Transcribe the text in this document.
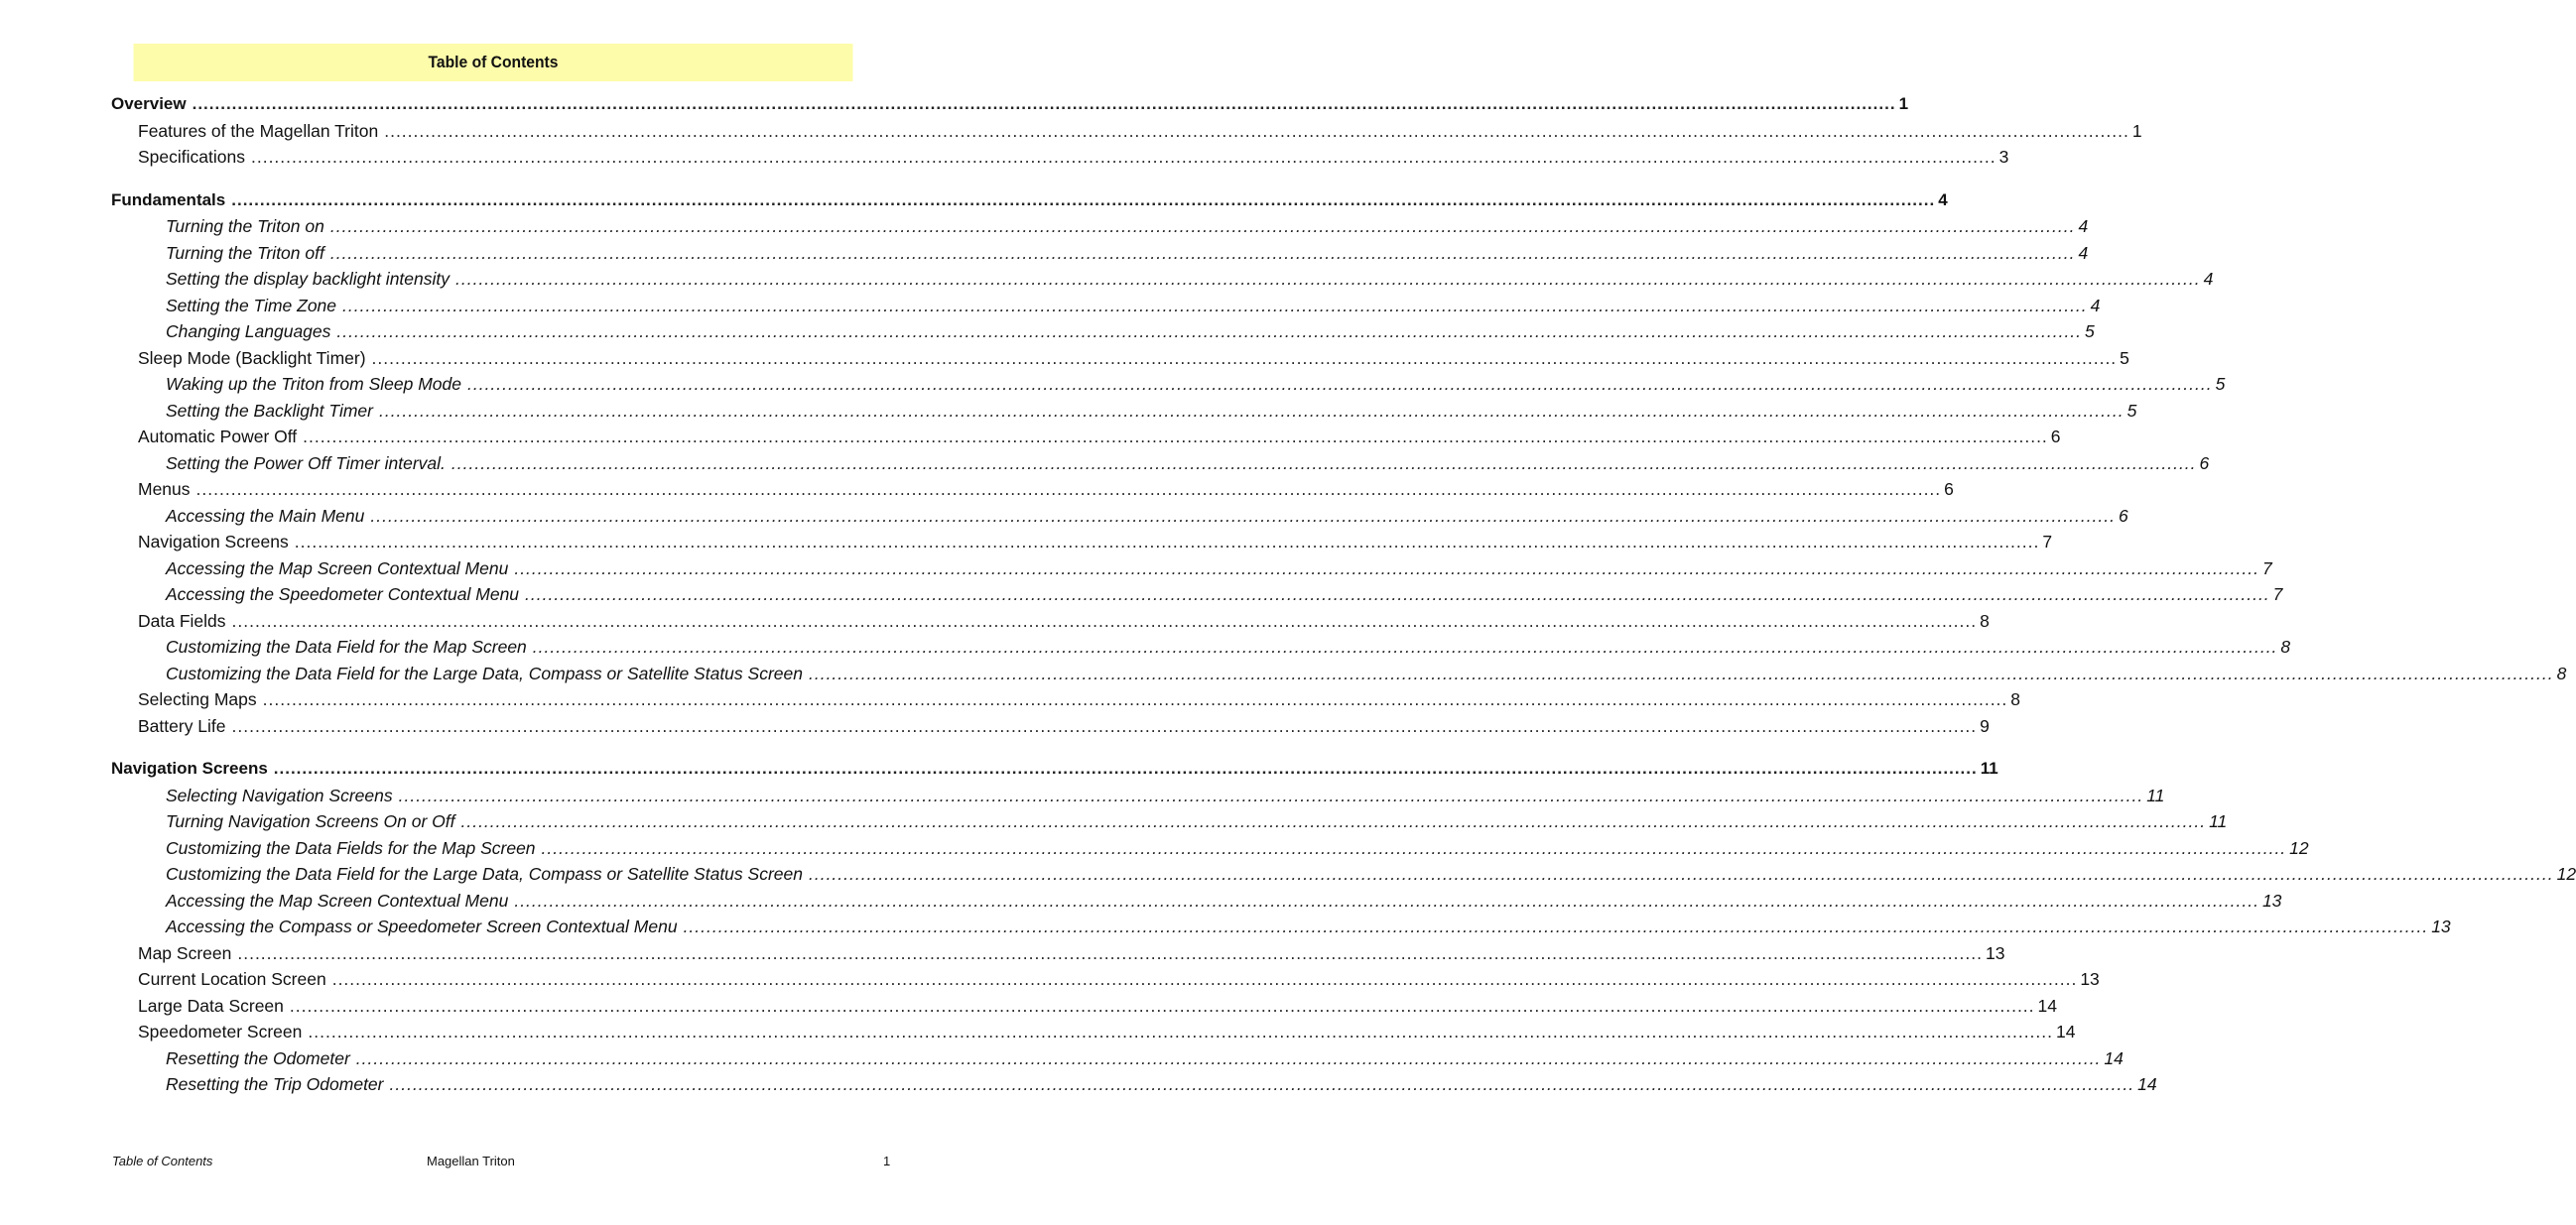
Table of Contents
Overview ............................................................................................................................................................................................................................................................................................................ 1
Features of the Magellan Triton ............................................................................................................................................................................................................................................................................................................ 1
Specifications ............................................................................................................................................................................................................................................................................................................ 3
Fundamentals ............................................................................................................................................................................................................................................................................................................ 4
Turning the Triton on ............................................................................................................................................................................................................................................................................................................ 4
Turning the Triton off ............................................................................................................................................................................................................................................................................................................ 4
Setting the display backlight intensity ............................................................................................................................................................................................................................................................................................................ 4
Setting the Time Zone ............................................................................................................................................................................................................................................................................................................ 4
Changing Languages ............................................................................................................................................................................................................................................................................................................ 5
Sleep Mode (Backlight Timer) ............................................................................................................................................................................................................................................................................................................ 5
Waking up the Triton from Sleep Mode ............................................................................................................................................................................................................................................................................................................ 5
Setting the Backlight Timer ............................................................................................................................................................................................................................................................................................................ 5
Automatic Power Off ............................................................................................................................................................................................................................................................................................................ 6
Setting the Power Off Timer interval. ............................................................................................................................................................................................................................................................................................................ 6
Menus ............................................................................................................................................................................................................................................................................................................ 6
Accessing the Main Menu ............................................................................................................................................................................................................................................................................................................ 6
Navigation Screens ............................................................................................................................................................................................................................................................................................................ 7
Accessing the Map Screen Contextual Menu ............................................................................................................................................................................................................................................................................................................ 7
Accessing the Speedometer Contextual Menu ............................................................................................................................................................................................................................................................................................................ 7
Data Fields ............................................................................................................................................................................................................................................................................................................ 8
Customizing the Data Field for the Map Screen ............................................................................................................................................................................................................................................................................................................ 8
Customizing the Data Field for the Large Data, Compass or Satellite Status Screen ............................................................................................................................................................................................................................................................................................................ 8
Selecting Maps ............................................................................................................................................................................................................................................................................................................ 8
Battery Life ............................................................................................................................................................................................................................................................................................................ 9
Navigation Screens ............................................................................................................................................................................................................................................................................................................ 11
Selecting Navigation Screens ............................................................................................................................................................................................................................................................................................................ 11
Turning Navigation Screens On or Off ............................................................................................................................................................................................................................................................................................................ 11
Customizing the Data Fields for the Map Screen ............................................................................................................................................................................................................................................................................................................ 12
Customizing the Data Field for the Large Data, Compass or Satellite Status Screen ............................................................................................................................................................................................................................................................................................................ 12
Accessing the Map Screen Contextual Menu ............................................................................................................................................................................................................................................................................................................ 13
Accessing the Compass or Speedometer Screen Contextual Menu ............................................................................................................................................................................................................................................................................................................ 13
Map Screen ............................................................................................................................................................................................................................................................................................................ 13
Current Location Screen ............................................................................................................................................................................................................................................................................................................ 13
Large Data Screen ............................................................................................................................................................................................................................................................................................................ 14
Speedometer Screen ............................................................................................................................................................................................................................................................................................................ 14
Resetting the Odometer ............................................................................................................................................................................................................................................................................................................ 14
Resetting the Trip Odometer ............................................................................................................................................................................................................................................................................................................ 14
Table of Contents	Magellan Triton	1
